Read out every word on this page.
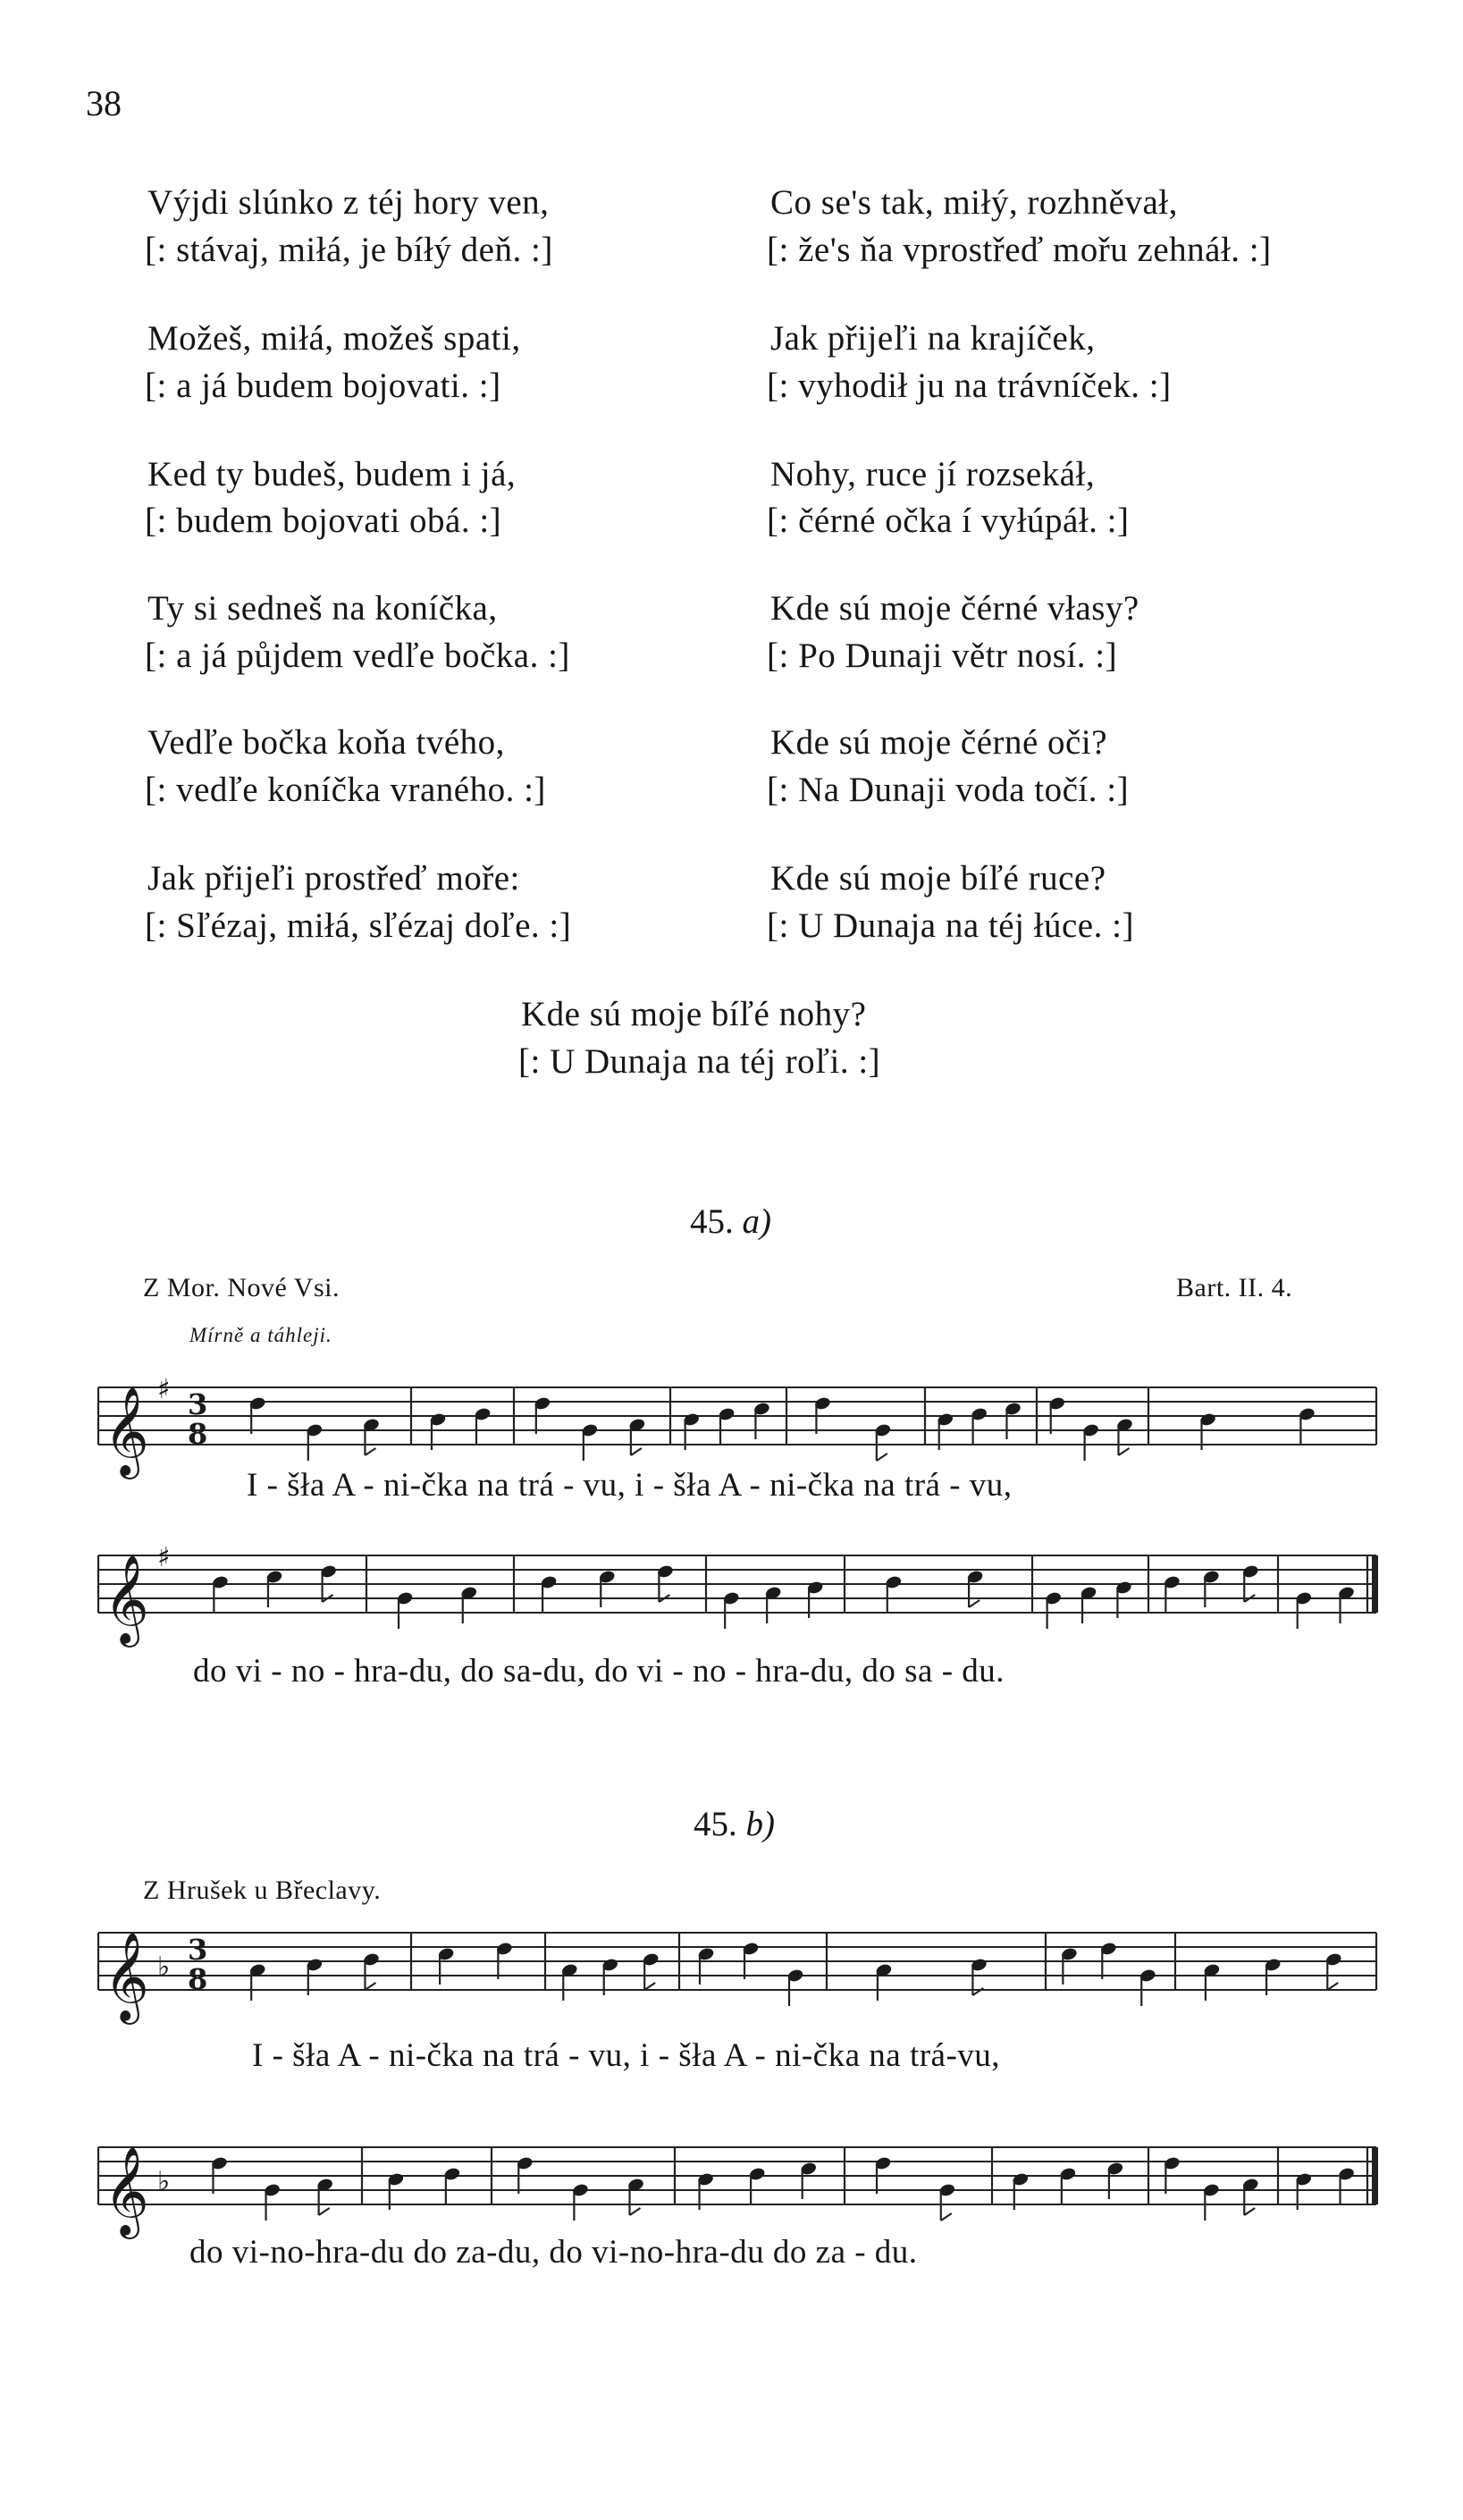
38
Výjdi slúnko z téj hory ven,
[: stávaj, miłá, je bíłý deň. :]
Možeš, miłá, možeš spati,
[: a já budem bojovati. :]
Ked ty budeš, budem i já,
[: budem bojovati obá. :]
Ty si sedneš na koníčka,
[: a já půjdem vedľe bočka. :]
Vedľe bočka koňa tvého,
[: vedľe koníčka vraného. :]
Jak přijeľi prostřeď moře:
[: Sľézaj, miłá, sľézaj doľe. :]
Co se's tak, miłý, rozhněvał,
[: že's ňa vprostřeď mořu zehnáł. :]
Jak přijeľi na krajíček,
[: vyhodił ju na trávníček. :]
Nohy, ruce jí rozsekáł,
[: čérné očka í vyłúpáł. :]
Kde sú moje čérné vłasy?
[: Po Dunaji větr nosí. :]
Kde sú moje čérné oči?
[: Na Dunaji voda točí. :]
Kde sú moje bíľé ruce?
[: U Dunaja na téj łúce. :]
Kde sú moje bíľé nohy?
[: U Dunaja na téj roľi. :]
45. a)
Z Mor. Nové Vsi.	Bart. II. 4.
Mírně a táhleji.
𝄞 ♯ 3
8
I - šła A - ni-čka na trá - vu, i - šła A - ni-čka na trá - vu,
𝄞 ♯
do vi - no - hra-du, do sa-du, do vi - no - hra-du, do sa - du.
45. b)
Z Hrušek u Břeclavy.
𝄞 ♭
3
8
I - šła A - ni-čka na trá - vu, i - šła A - ni-čka na trá-vu,
𝄞 ♭
do vi-no-hra-du do za-du, do vi-no-hra-du do za - du.
